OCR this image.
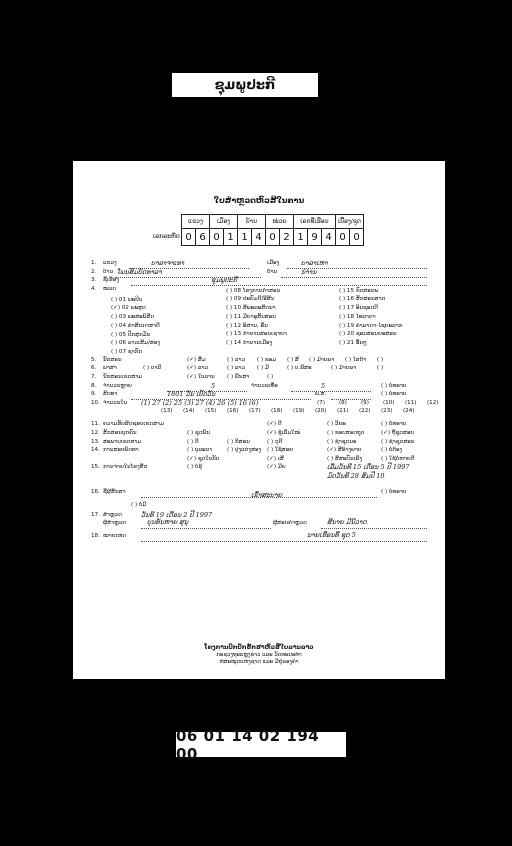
ຊຸມພູປະກີ
ໃບສຳຫຼວດຫົວສີໃນຄານ
ເລກລະຫັດ
ແຂວງ		ເມືອງ		ບ້ານ		ໜ່ວຍ		ເລກທີ່ເຮືອນ			ເບື້ອງ/ຊຸດ	
0	6	0	1	1	4	0	2	1	9	4	0	0
1.	ແຂວງ	ບາລາຈາເທາ	ເມືອງ	ບາລາເຫາ
2.	ບ້ານ ໂພນສົມບັດທາລາ	ບ້ານ	ນຳ່ານ
3.	ຊື່ເຮືອງ	ຊຸມພູປະກີ
4.	ໝວດ
( ) 01 ພະປິບ
(✓) 02 ພະສູດ
( ) 03 ພະສະພິສັດ
( ) 04 ຄຳສິນກາສາດີ
( ) 05 ປົກສຸກມັນ
( ) 06 ລາວເສີມ/ສອງ
( ) 07 ຊາກົກ
( ) 08 ໂຮງການກຳສອນ
( ) 09 ປະຍົມດີ/ອີສີນ
( ) 10 ສີພະລະສິດນາ
( ) 11 ມີຍາອຸສັນສອນ
( ) 12 ອິສານ, ອື່ນ
( ) 13 ກຳນານສອນເຊາຍາ
( ) 14 ກຳນານເມືອງ
( ) 15 ກົດສອນພ
( ) 16 ສັກສອນສາດ
( ) 17 ອິນຊອດດີ
( ) 18 ໄທລາດາ
( ) 19 ຄຳລາດາ-ໄຊຍະລາກ
( ) 20 ຊອນສອນຍະສອນ
( ) 21 ອື່ນໆ
5.	ນັກສອນ	(✓) ສີ່ມ	( ) ລາວ ( ) ຂອມ ( ) ສີ ( ) ມ້າບພາ ( ) ໄຮດ້າ ( )
6.	ພາສາ	( ) ບາລີ	(✓) ລາວ	( ) ລາວ ( ) ມີ	( ) ບ.ພີສະ	( ) ມ້າບພາ	( )
7.	ນັກສອນເຂດສາມ	(✓) ໃບລານ ( ) ພີ່ນສາ	( )
8.	ຈຳນວນຫຼາຍ	5	ຈຳນວນເທື່ອ	5	( ) ບໍ່ທຣາບ
9.	ສິດທາ	1801 ວັນ ເປັດວັນ	ພ.ສ.	( ) ບໍ່ທຣາບ
10. ຈຳນວນໃນ (1) 27 (2) 25 (3) 27 (4) 26 (5) 16 (6)	(7)	(8)	(9)	(10) (11) (12)
(13) (14) (15) (16) (17) (18) (19) (20) (21) (22) (23) (24)
11. ຄວາມຮັບຜິດຊອບເຂດສາມ	(✓) ດີ	( ) ວີຍະ	( ) ບໍ່ທຣາບ
12. ສັກສອນບຸກຄົນ	( ) ຊຸດພິນ	(✓) ຊູ້ເລີ່ມໃໝ່	( ) ຂອບສອດຖຸດ	(✓) ຖືຊຸດສອບ
13. ສະພາບເຂດສາມ	( ) ດີ	( ) ກິສອນ	( ) ດຸດີ	( ) ຊຳຊຸດນອ	( ) ຊຳຊຸດສອນ
14. ການສອບພິດທາ	( ) ບູລະນາ	( ) ປຸງແຕ່ງສອງ ( ) ໃຊ້ສອຍ	(✓) ສີອ້າງພາບ	( ) ບໍ່ຕ້ອງ
(✓) ຊຸດໃນນັບ	(✓) ເສີ	( ) ສີສະບົນເພິ່ງ	( ) ໃຊ້ບໍ່ຫາຍດີ
15. ການຈ່າຍໃນໂຮງສຶກ	( ) ບໍ່ຮູ້	(✓) ມີຍ	ເລີ່ມວັນທີ 15 ເດືອນ 5 ປີ 1997
ມົດວັນທີ 28 ສົມປີ 10
16. ຊື່ຜູ້ສຶກສາ	ເຂົ້າສະບາຍ	( ) ບໍ່ທຣາບ
( ) ບໍ່ມີ
17. ສຳຫຼວດ	ວັນທີ 19 ເດືອນ 2 ປີ 1997
ຜູ້ສຳຫຼວດ	ບຸນທັນຫາຍ ສຸນຸ	ຜູ້ສອບຄຳຫຼວດ	ສີນາຍ ມີນີວາດ
18. ໝາຍເຫດ	ນາຍເຮືອນທີ່ ຊຸດ 5
ໂຄງການປົກປັກຮັກສາຫົວສືໃບລານລາວ
ກະຊວງຖະແຫຼງຂ່າວ ແລະ ວັດທະນະທຳ
ຫໍສະໝຸດແຫ່ງຊາດ ແລະ ມີຢູ່ຂອງຄຳ
06 01 14 02 194 00
